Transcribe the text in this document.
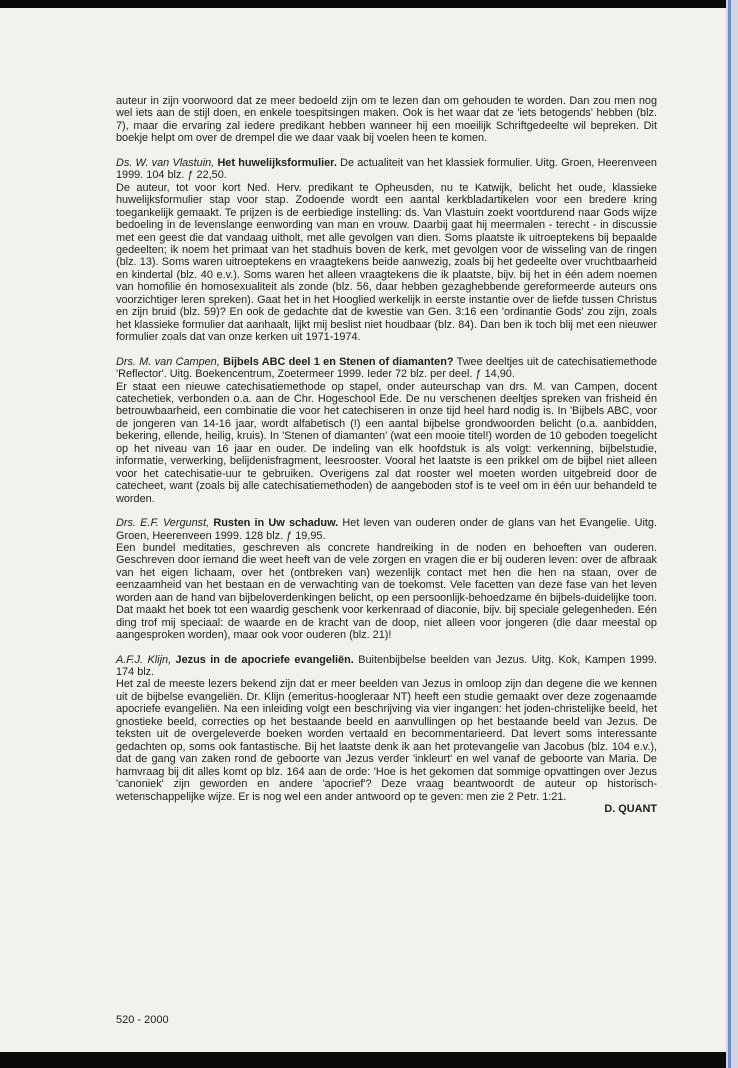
auteur in zijn voorwoord dat ze meer bedoeld zijn om te lezen dan om gehouden te worden. Dan zou men nog wel iets aan de stijl doen, en enkele toespitsingen maken. Ook is het waar dat ze 'iets betogends' hebben (blz. 7), maar die ervaring zal iedere predikant hebben wanneer hij een moeilijk Schriftgedeelte wil bepreken. Dit boekje helpt om over de drempel die we daar vaak bij voelen heen te komen.

Ds. W. van Vlastuin, Het huwelijksformulier. De actualiteit van het klassiek formulier. Uitg. Groen, Heerenveen 1999. 104 blz. ƒ 22,50.

De auteur, tot voor kort Ned. Herv. predikant te Opheusden, nu te Katwijk, belicht het oude, klassieke huwelijksformulier stap voor stap. Zodoende wordt een aantal kerkbladartikelen voor een bredere kring toegankelijk gemaakt. Te prijzen is de eerbiedige instelling: ds. Van Vlastuin zoekt voortdurend naar Gods wijze bedoeling in de levenslange eenwording van man en vrouw. Daarbij gaat hij meermalen - terecht - in discussie met een geest die dat vandaag uitholt, met alle gevolgen van dien. Soms plaatste ik uitroeptekens bij bepaalde gedeelten; ik noem het primaat van het stadhuis boven de kerk, met gevolgen voor de wisseling van de ringen (blz. 13). Soms waren uitroeptekens en vraagtekens beide aanwezig, zoals bij het gedeelte over vruchtbaarheid en kindertal (blz. 40 e.v.). Soms waren het alleen vraagtekens die ik plaatste, bijv. bij het in één adem noemen van homofilie én homosexualiteit als zonde (blz. 56, daar hebben gezaghebbende gereformeerde auteurs ons voorzichtiger leren spreken). Gaat het in het Hooglied werkelijk in eerste instantie over de liefde tussen Christus en zijn bruid (blz. 59)? En ook de gedachte dat de kwestie van Gen. 3:16 een 'ordinantie Gods' zou zijn, zoals het klassieke formulier dat aanhaalt, lijkt mij beslist niet houdbaar (blz. 84). Dan ben ik toch blij met een nieuwer formulier zoals dat van onze kerken uit 1971-1974.

Drs. M. van Campen, Bijbels ABC deel 1 en Stenen of diamanten? Twee deeltjes uit de catechisatiemethode 'Reflector'. Uitg. Boekencentrum, Zoetermeer 1999. Ieder 72 blz. per deel. ƒ 14,90.

Er staat een nieuwe catechisatiemethode op stapel, onder auteurschap van drs. M. van Campen, docent catechetiek, verbonden o.a. aan de Chr. Hogeschool Ede. De nu verschenen deeltjes spreken van frisheid én betrouwbaarheid, een combinatie die voor het catechiseren in onze tijd heel hard nodig is. In 'Bijbels ABC, voor de jongeren van 14-16 jaar, wordt alfabetisch (!) een aantal bijbelse grondwoorden belicht (o.a. aanbidden, bekering, ellende, heilig, kruis). In 'Stenen of diamanten' (wat een mooie titel!) worden de 10 geboden toegelicht op het niveau van 16 jaar en ouder. De indeling van elk hoofdstuk is als volgt: verkenning, bijbelstudie, informatie, verwerking, belijdenisfragment, leesrooster. Vooral het laatste is een prikkel om de bijbel niet alleen voor het catechisatie-uur te gebruiken. Overigens zal dat rooster wel moeten worden uitgebreid door de catecheet, want (zoals bij alle catechisatiemethoden) de aangeboden stof is te veel om in één uur behandeld te worden.

Drs. E.F. Vergunst, Rusten in Uw schaduw. Het leven van ouderen onder de glans van het Evangelie. Uitg. Groen, Heerenveen 1999. 128 blz. ƒ 19,95.

Een bundel meditaties, geschreven als concrete handreiking in de noden en behoeften van ouderen. Geschreven door iemand die weet heeft van de vele zorgen en vragen die er bij ouderen leven: over de afbraak van het eigen lichaam, over het (ontbreken van) wezenlijk contact met hen die hen na staan, over de eenzaamheid van het bestaan en de verwachting van de toekomst. Vele facetten van deze fase van het leven worden aan de hand van bijbeloverdenkingen belicht, op een persoonlijk-behoedzame én bijbels-duidelijke toon. Dat maakt het boek tot een waardig geschenk voor kerkenraad of diaconie, bijv. bij speciale gelegenheden. Eén ding trof mij speciaal: de waarde en de kracht van de doop, niet alleen voor jongeren (die daar meestal op aangesproken worden), maar ook voor ouderen (blz. 21)!

A.F.J. Klijn, Jezus in de apocriefe evangeliën. Buitenbijbelse beelden van Jezus. Uitg. Kok, Kampen 1999. 174 blz.

Het zal de meeste lezers bekend zijn dat er meer beelden van Jezus in omloop zijn dan degene die we kennen uit de bijbelse evangeliën. Dr. Klijn (emeritus-hoogleraar NT) heeft een studie gemaakt over deze zogenaamde apocriefe evangeliën. Na een inleiding volgt een beschrijving via vier ingangen: het joden-christelijke beeld, het gnostieke beeld, correcties op het bestaande beeld en aanvullingen op het bestaande beeld van Jezus. De teksten uit de overgeleverde boeken worden vertaald en becommentarieerd. Dat levert soms interessante gedachten op, soms ook fantastische. Bij het laatste denk ik aan het protevangelie van Jacobus (blz. 104 e.v.), dat de gang van zaken rond de geboorte van Jezus verder 'inkleurt' en wel vanaf de geboorte van Maria. De hamvraag bij dit alles komt op blz. 164 aan de orde: 'Hoe is het gekomen dat sommige opvattingen over Jezus 'canoniek' zijn geworden en andere 'apocrief'? Deze vraag beantwoordt de auteur op historisch-wetenschappelijke wijze. Er is nog wel een ander antwoord op te geven: men zie 2 Petr. 1:21.

D. QUANT

520 - 2000
